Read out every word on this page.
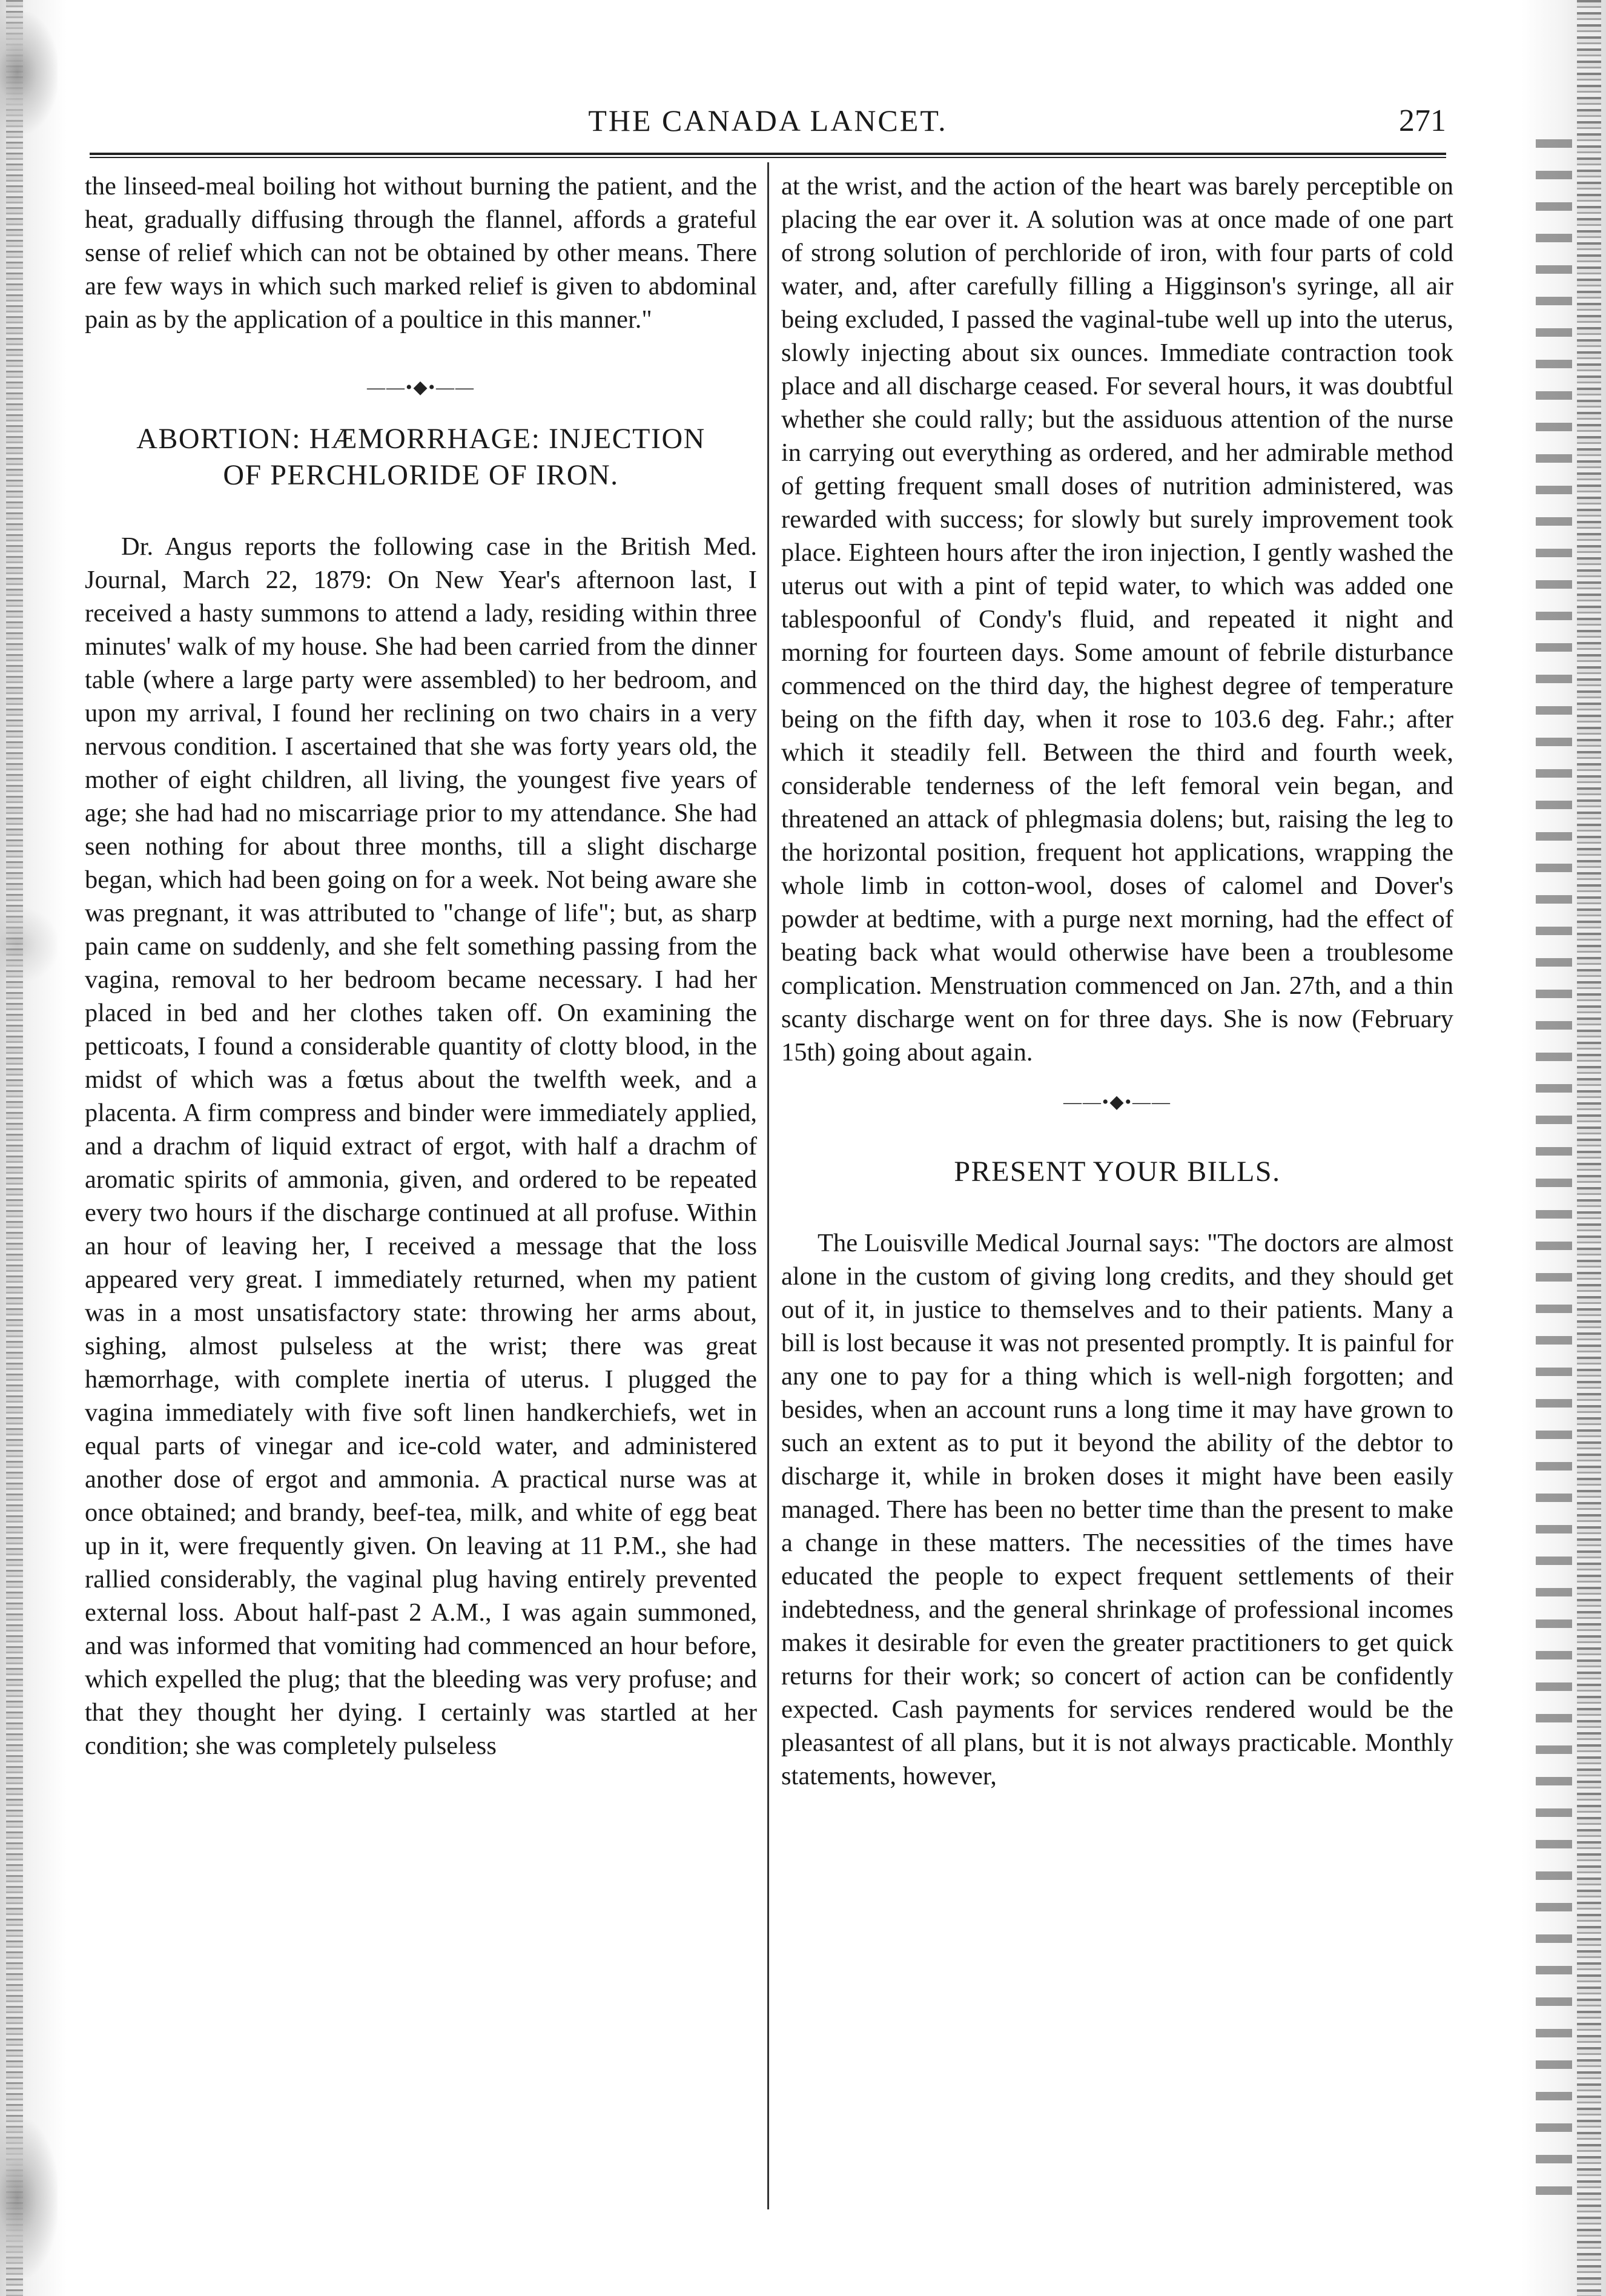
THE CANADA LANCET.	271

the linseed-meal boiling hot without burning the patient, and the heat, gradually diffusing through the flannel, affords a grateful sense of relief which can not be obtained by other means. There are few ways in which such marked relief is given to abdominal pain as by the application of a poultice in this manner."

——•◆•——
ABORTION: HÆMORRHAGE: INJECTION
OF PERCHLORIDE OF IRON.

Dr. Angus reports the following case in the British Med. Journal, March 22, 1879: On New Year's afternoon last, I received a hasty summons to attend a lady, residing within three minutes' walk of my house. She had been carried from the dinner table (where a large party were assembled) to her bedroom, and upon my arrival, I found her reclining on two chairs in a very nervous condition. I ascertained that she was forty years old, the mother of eight children, all living, the youngest five years of age; she had had no miscarriage prior to my attendance. She had seen nothing for about three months, till a slight discharge began, which had been going on for a week. Not being aware she was pregnant, it was attributed to "change of life"; but, as sharp pain came on suddenly, and she felt something passing from the vagina, removal to her bedroom became necessary. I had her placed in bed and her clothes taken off. On examining the petticoats, I found a considerable quantity of clotty blood, in the midst of which was a fœtus about the twelfth week, and a placenta. A firm compress and binder were immediately applied, and a drachm of liquid extract of ergot, with half a drachm of aromatic spirits of ammonia, given, and ordered to be repeated every two hours if the discharge continued at all profuse. Within an hour of leaving her, I received a message that the loss appeared very great. I immediately returned, when my patient was in a most unsatisfactory state: throwing her arms about, sighing, almost pulseless at the wrist; there was great hæmorrhage, with complete inertia of uterus. I plugged the vagina immediately with five soft linen handkerchiefs, wet in equal parts of vinegar and ice-cold water, and administered another dose of ergot and ammonia. A practical nurse was at once obtained; and brandy, beef-tea, milk, and white of egg beat up in it, were frequently given. On leaving at 11 P.M., she had rallied considerably, the vaginal plug having entirely prevented external loss. About half-past 2 A.M., I was again summoned, and was informed that vomiting had commenced an hour before, which expelled the plug; that the bleeding was very profuse; and that they thought her dying. I certainly was startled at her condition; she was completely pulseless

at the wrist, and the action of the heart was barely perceptible on placing the ear over it. A solution was at once made of one part of strong solution of perchloride of iron, with four parts of cold water, and, after carefully filling a Higginson's syringe, all air being excluded, I passed the vaginal-tube well up into the uterus, slowly injecting about six ounces. Immediate contraction took place and all discharge ceased. For several hours, it was doubtful whether she could rally; but the assiduous attention of the nurse in carrying out everything as ordered, and her admirable method of getting frequent small doses of nutrition administered, was rewarded with success; for slowly but surely improvement took place. Eighteen hours after the iron injection, I gently washed the uterus out with a pint of tepid water, to which was added one tablespoonful of Condy's fluid, and repeated it night and morning for fourteen days. Some amount of febrile disturbance commenced on the third day, the highest degree of temperature being on the fifth day, when it rose to 103.6 deg. Fahr.; after which it steadily fell. Between the third and fourth week, considerable tenderness of the left femoral vein began, and threatened an attack of phlegmasia dolens; but, raising the leg to the horizontal position, frequent hot applications, wrapping the whole limb in cotton-wool, doses of calomel and Dover's powder at bedtime, with a purge next morning, had the effect of beating back what would otherwise have been a troublesome complication. Menstruation commenced on Jan. 27th, and a thin scanty discharge went on for three days. She is now (February 15th) going about again.

——•◆•——
PRESENT YOUR BILLS.

The Louisville Medical Journal says: "The doctors are almost alone in the custom of giving long credits, and they should get out of it, in justice to themselves and to their patients. Many a bill is lost because it was not presented promptly. It is painful for any one to pay for a thing which is well-nigh forgotten; and besides, when an account runs a long time it may have grown to such an extent as to put it beyond the ability of the debtor to discharge it, while in broken doses it might have been easily managed. There has been no better time than the present to make a change in these matters. The necessities of the times have educated the people to expect frequent settlements of their indebtedness, and the general shrinkage of professional incomes makes it desirable for even the greater practitioners to get quick returns for their work; so concert of action can be confidently expected. Cash payments for services rendered would be the pleasantest of all plans, but it is not always practicable. Monthly statements, however,
